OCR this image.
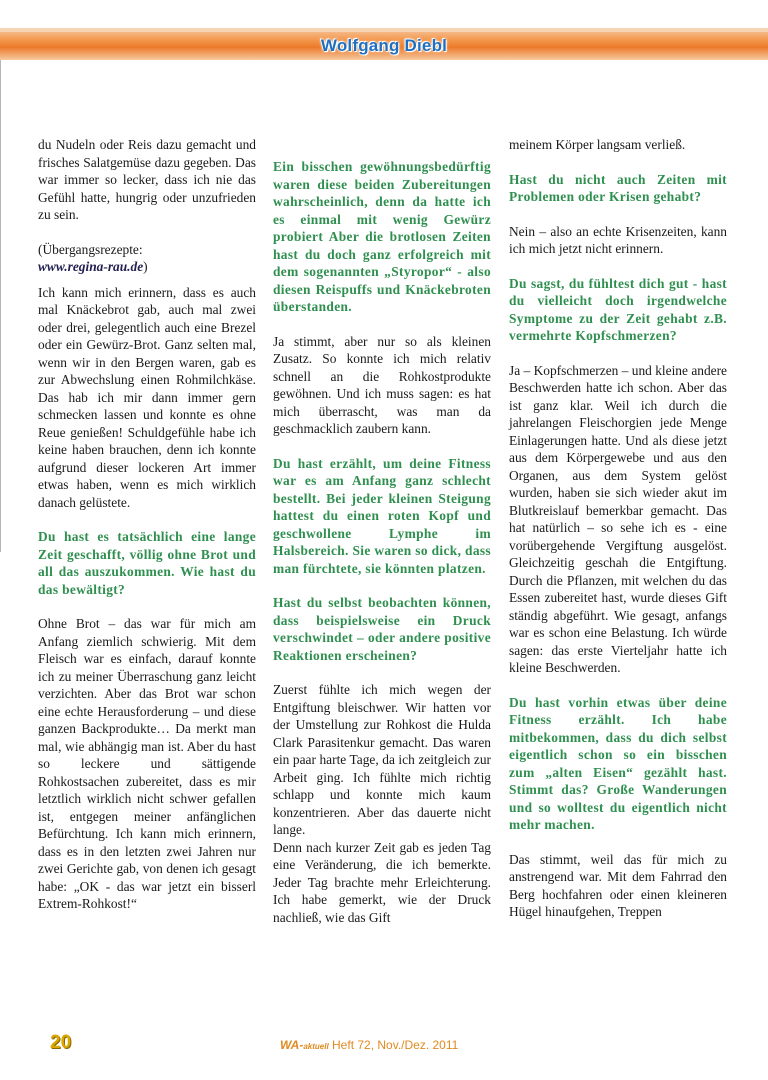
Wolfgang Diebl

du Nudeln oder Reis dazu gemacht und frisches Salatgemüse dazu gegeben. Das war immer so lecker, dass ich nie das Gefühl hatte, hungrig oder unzufrieden zu sein.

(Übergangsrezepte:
www.regina-rau.de)

Ich kann mich erinnern, dass es auch mal Knäckebrot gab, auch mal zwei oder drei, gelegentlich auch eine Brezel oder ein Gewürz-Brot. Ganz selten mal, wenn wir in den Bergen waren, gab es zur Abwechslung einen Rohmilchkäse. Das hab ich mir dann immer gern schmecken lassen und konnte es ohne Reue genießen! Schuldgefühle habe ich keine haben brauchen, denn ich konnte aufgrund dieser lockeren Art immer etwas haben, wenn es mich wirklich danach gelüstete.

Du hast es tatsächlich eine lange Zeit geschafft, völlig ohne Brot und all das auszukommen. Wie hast du das bewältigt?

Ohne Brot – das war für mich am Anfang ziemlich schwierig. Mit dem Fleisch war es einfach, darauf konnte ich zu meiner Überraschung ganz leicht verzichten. Aber das Brot war schon eine echte Herausforderung – und diese ganzen Backprodukte… Da merkt man mal, wie abhängig man ist. Aber du hast so leckere und sättigende Rohkostsachen zubereitet, dass es mir letztlich wirklich nicht schwer gefallen ist, entgegen meiner anfänglichen Befürchtung. Ich kann mich erinnern, dass es in den letzten zwei Jahren nur zwei Gerichte gab, von denen ich gesagt habe: „OK - das war jetzt ein bisserl Extrem-Rohkost!“

Ein bisschen gewöhnungsbedürftig waren diese beiden Zubereitungen wahrscheinlich, denn da hatte ich es einmal mit wenig Gewürz probiert Aber die brotlosen Zeiten hast du doch ganz erfolgreich mit dem sogenannten „Styropor“ - also diesen Reispuffs und Knäckebroten überstanden.

Ja stimmt, aber nur so als kleinen Zusatz. So konnte ich mich relativ schnell an die Rohkostprodukte gewöhnen. Und ich muss sagen: es hat mich überrascht, was man da geschmacklich zaubern kann.

Du hast erzählt, um deine Fitness war es am Anfang ganz schlecht bestellt. Bei jeder kleinen Steigung hattest du einen roten Kopf und geschwollene Lymphe im Halsbereich. Sie waren so dick, dass man fürchtete, sie könnten platzen.

Hast du selbst beobachten können, dass beispielsweise ein Druck verschwindet – oder andere positive Reaktionen erscheinen?

Zuerst fühlte ich mich wegen der Entgiftung bleischwer. Wir hatten vor der Umstellung zur Rohkost die Hulda Clark Parasitenkur gemacht. Das waren ein paar harte Tage, da ich zeitgleich zur Arbeit ging. Ich fühlte mich richtig schlapp und konnte mich kaum konzentrieren. Aber das dauerte nicht lange.

Denn nach kurzer Zeit gab es jeden Tag eine Veränderung, die ich bemerkte. Jeder Tag brachte mehr Erleichterung. Ich habe gemerkt, wie der Druck nachließ, wie das Gift

meinem Körper langsam verließ.

Hast du nicht auch Zeiten mit Problemen oder Krisen gehabt?

Nein – also an echte Krisenzeiten, kann ich mich jetzt nicht erinnern.

Du sagst, du fühltest dich gut - hast du vielleicht doch irgendwelche Symptome zu der Zeit gehabt z.B. vermehrte Kopfschmerzen?

Ja – Kopfschmerzen – und kleine andere Beschwerden hatte ich schon. Aber das ist ganz klar. Weil ich durch die jahrelangen Fleischorgien jede Menge Einlagerungen hatte. Und als diese jetzt aus dem Körpergewebe und aus den Organen, aus dem System gelöst wurden, haben sie sich wieder akut im Blutkreislauf bemerkbar gemacht. Das hat natürlich – so sehe ich es - eine vorübergehende Vergiftung ausgelöst. Gleichzeitig geschah die Entgiftung. Durch die Pflanzen, mit welchen du das Essen zubereitet hast, wurde dieses Gift ständig abgeführt. Wie gesagt, anfangs war es schon eine Belastung. Ich würde sagen: das erste Vierteljahr hatte ich kleine Beschwerden.

Du hast vorhin etwas über deine Fitness erzählt. Ich habe mitbekommen, dass du dich selbst eigentlich schon so ein bisschen zum „alten Eisen“ gezählt hast. Stimmt das? Große Wanderungen und so wolltest du eigentlich nicht mehr machen.

Das stimmt, weil das für mich zu anstrengend war. Mit dem Fahrrad den Berg hochfahren oder einen kleineren Hügel hinaufgehen, Treppen

20	WA-aktuell Heft 72, Nov./Dez. 2011
